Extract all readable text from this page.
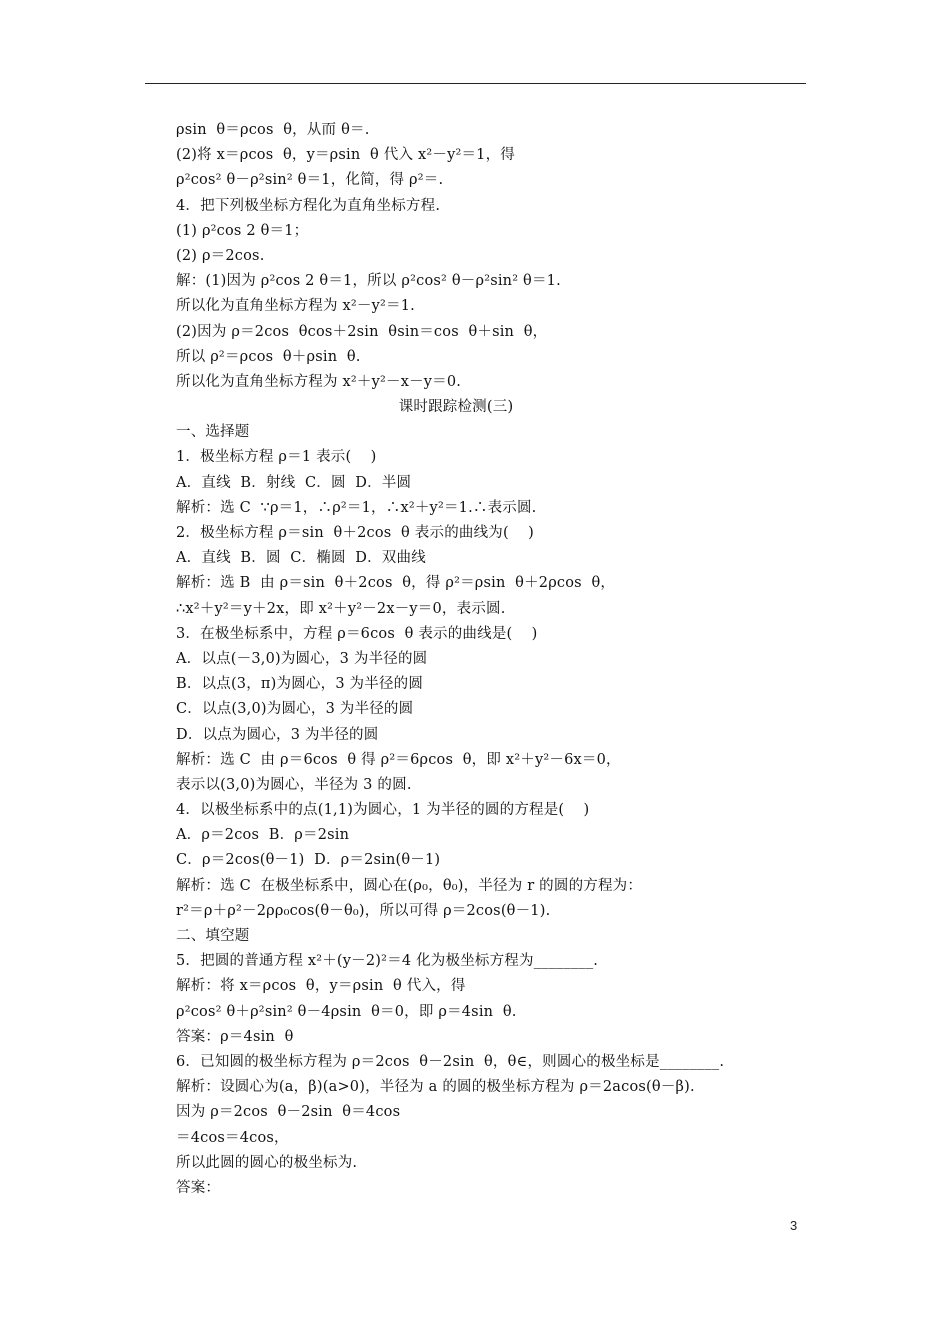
ρsin  θ＝ρcos  θ，从而 θ＝.
(2)将 x＝ρcos  θ，y＝ρsin  θ 代入 x²－y²＝1，得
ρ²cos² θ－ρ²sin² θ＝1，化简，得 ρ²＝.
4．把下列极坐标方程化为直角坐标方程.
(1) ρ²cos 2 θ＝1；
(2) ρ＝2cos.
解：(1)因为 ρ²cos 2 θ＝1，所以 ρ²cos² θ－ρ²sin² θ＝1.
所以化为直角坐标方程为 x²－y²＝1.
(2)因为 ρ＝2cos  θcos＋2sin  θsin＝cos  θ＋sin  θ，
所以 ρ²＝ρcos  θ＋ρsin  θ.
所以化为直角坐标方程为 x²＋y²－x－y＝0.
课时跟踪检测(三)
一、选择题
1．极坐标方程 ρ＝1 表示(    )
A．直线  B．射线  C．圆  D．半圆
解析：选 C  ∵ρ＝1，∴ρ²＝1，∴x²＋y²＝1.∴表示圆.
2．极坐标方程 ρ＝sin  θ＋2cos  θ 表示的曲线为(    )
A．直线  B．圆  C．椭圆  D．双曲线
解析：选 B  由 ρ＝sin  θ＋2cos  θ，得 ρ²＝ρsin  θ＋2ρcos  θ，
∴x²＋y²＝y＋2x，即 x²＋y²－2x－y＝0，表示圆.
3．在极坐标系中，方程 ρ＝6cos  θ 表示的曲线是(    )
A．以点(－3,0)为圆心，3 为半径的圆
B．以点(3，π)为圆心，3 为半径的圆
C．以点(3,0)为圆心，3 为半径的圆
D．以点为圆心，3 为半径的圆
解析：选 C  由 ρ＝6cos  θ 得 ρ²＝6ρcos  θ，即 x²＋y²－6x＝0，
表示以(3,0)为圆心，半径为 3 的圆.
4．以极坐标系中的点(1,1)为圆心，1 为半径的圆的方程是(    )
A．ρ＝2cos  B．ρ＝2sin
C．ρ＝2cos(θ－1)  D．ρ＝2sin(θ－1)
解析：选 C  在极坐标系中，圆心在(ρ₀，θ₀)，半径为 r 的圆的方程为：
r²＝ρ＋ρ²－2ρρ₀cos(θ－θ₀)，所以可得 ρ＝2cos(θ－1).
二、填空题
5．把圆的普通方程 x²＋(y－2)²＝4 化为极坐标方程为________.
解析：将 x＝ρcos  θ，y＝ρsin  θ 代入，得
ρ²cos² θ＋ρ²sin² θ－4ρsin  θ＝0，即 ρ＝4sin  θ.
答案：ρ＝4sin  θ
6．已知圆的极坐标方程为 ρ＝2cos  θ－2sin  θ，θ∈，则圆心的极坐标是________.
解析：设圆心为(a，β)(a>0)，半径为 a 的圆的极坐标方程为 ρ＝2acos(θ－β).
因为 ρ＝2cos  θ－2sin  θ＝4cos
＝4cos＝4cos，
所以此圆的圆心的极坐标为.
答案：
3
